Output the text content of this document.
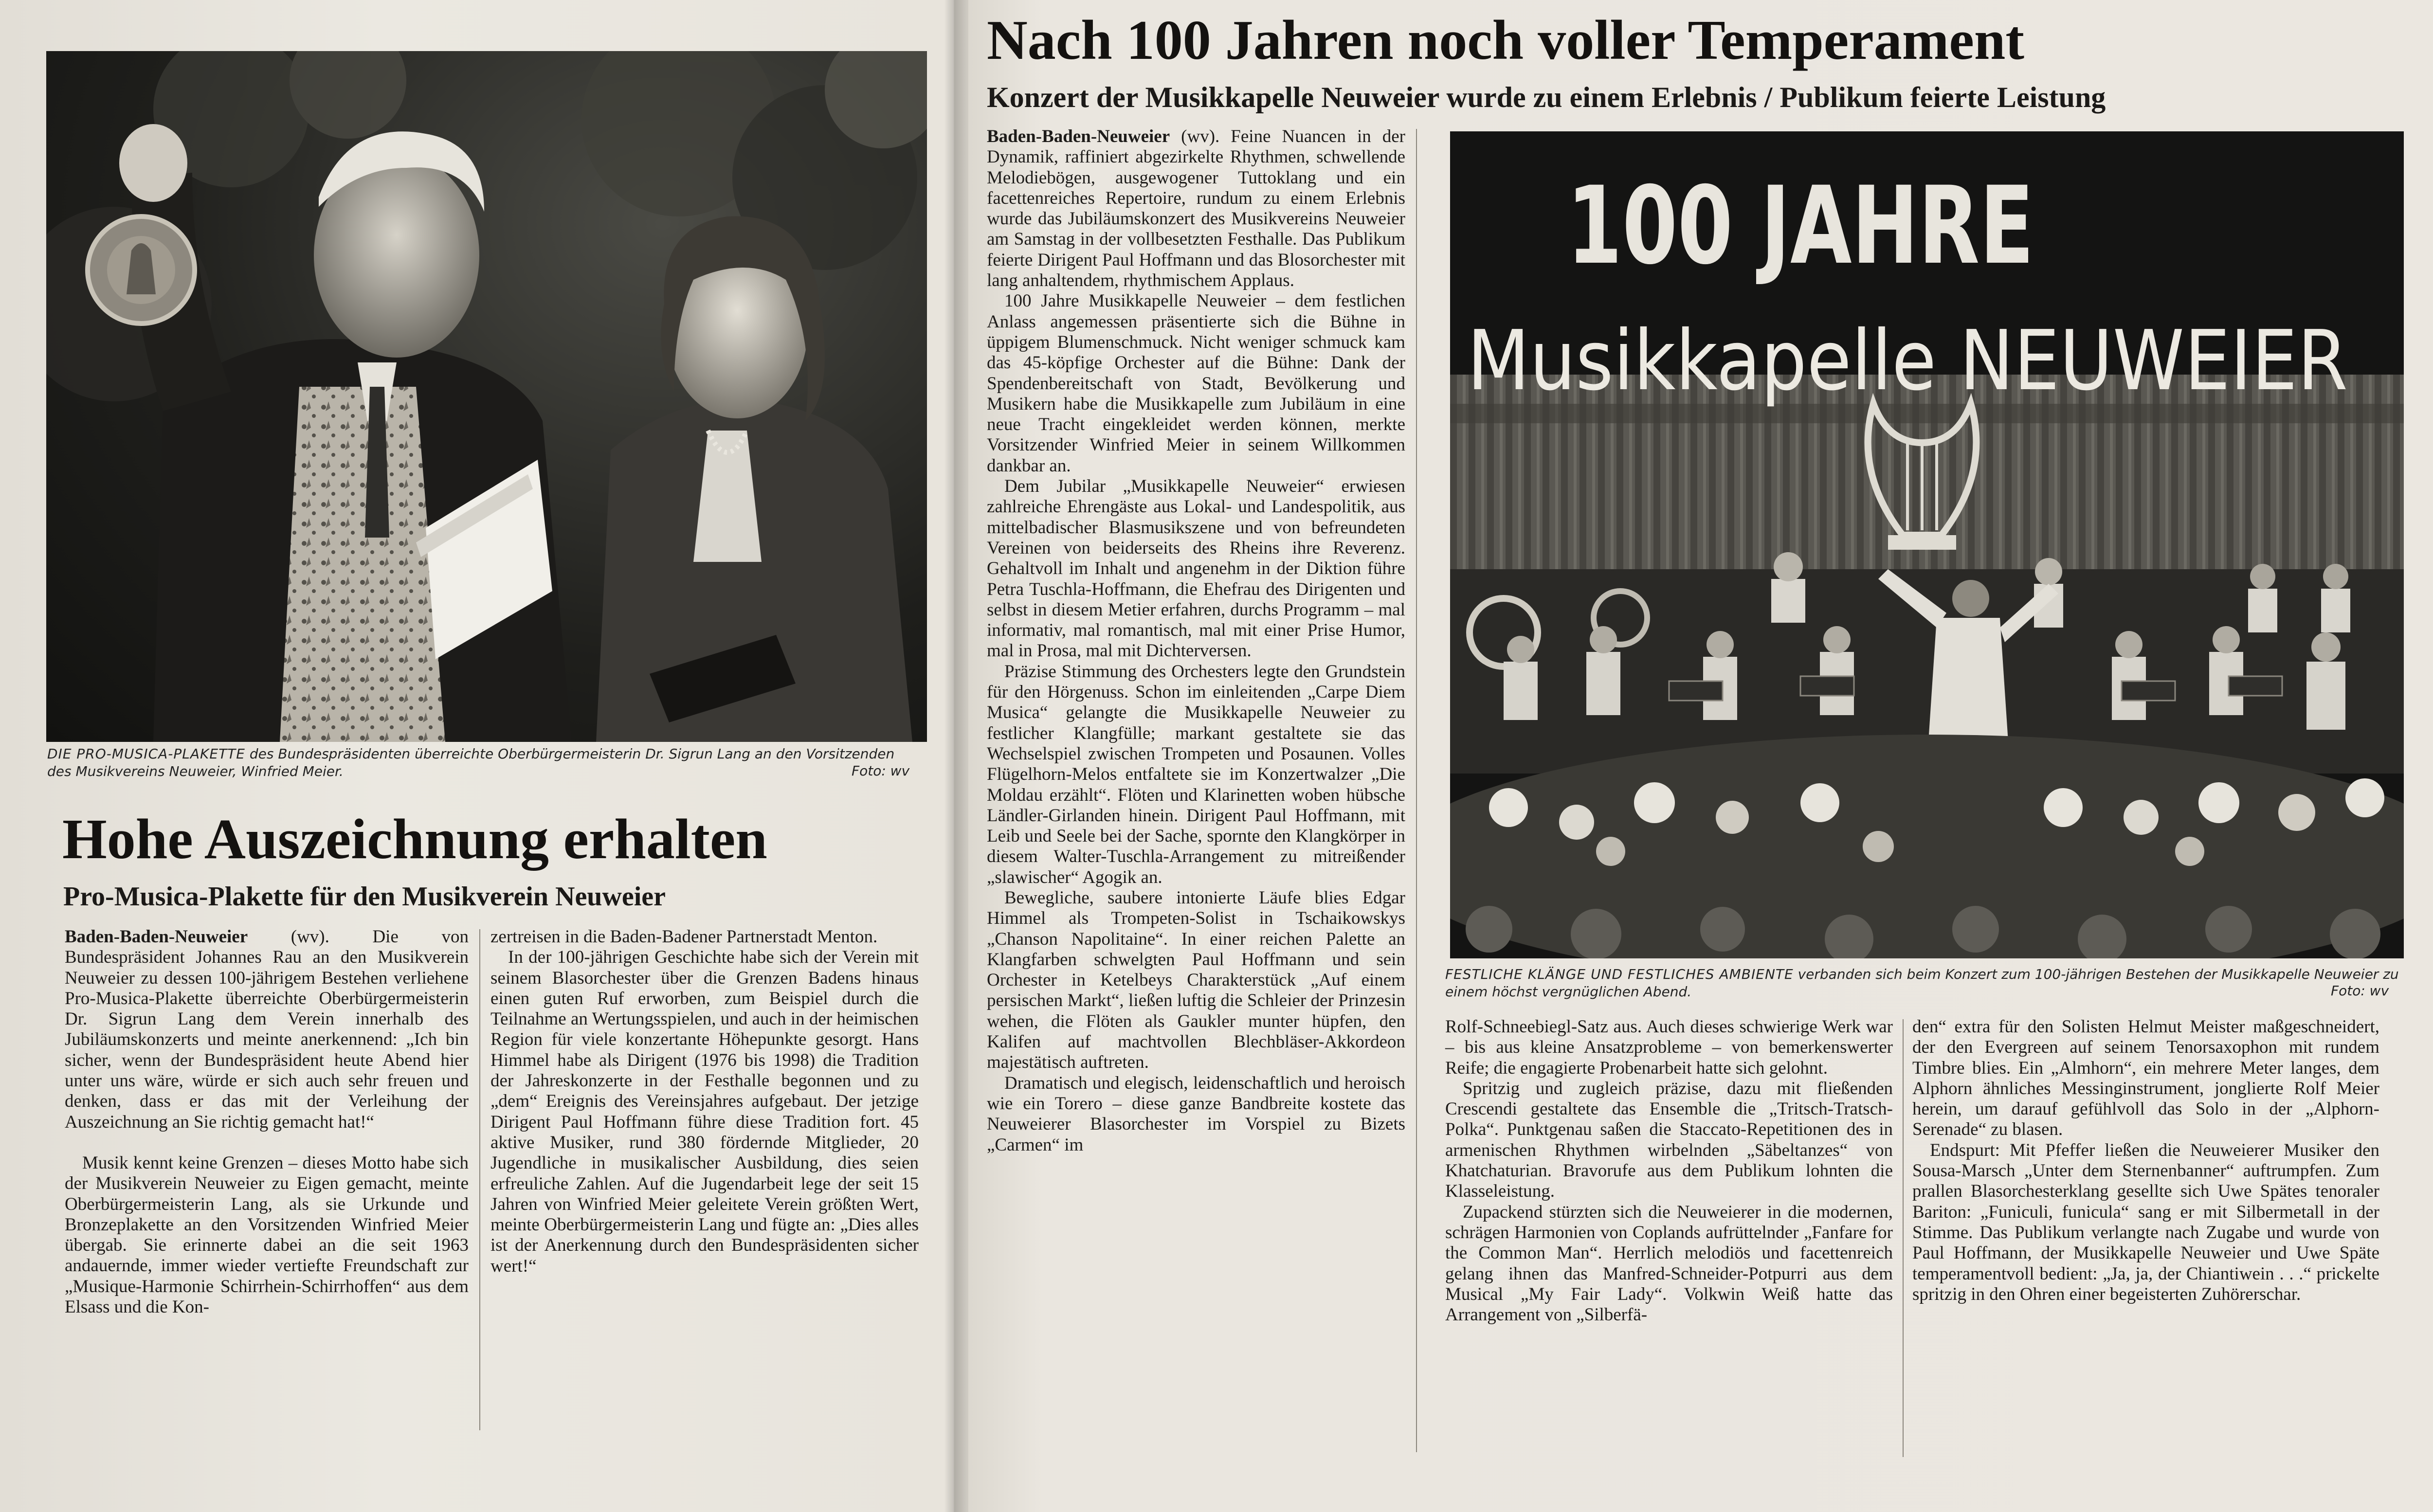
DIE PRO-MUSICA-PLAKETTE des Bundespräsidenten überreichte Oberbürgermeisterin Dr. Sigrun Lang an den Vorsitzenden des Musikvereins Neuweier, Winfried Meier.	Foto: wv
Hohe Auszeichnung erhalten
Pro-Musica-Plakette für den Musikverein Neuweier

Baden-Baden-Neuweier (wv). Die von Bundespräsident Johannes Rau an den Musikverein Neuweier zu dessen 100-jährigem Bestehen verliehene Pro-Musica-Plakette überreichte Oberbürgermeisterin Dr. Sigrun Lang dem Verein innerhalb des Jubiläumskonzerts und meinte anerkennend: „Ich bin sicher, wenn der Bundespräsident heute Abend hier unter uns wäre, würde er sich auch sehr freuen und denken, dass er das mit der Verleihung der Auszeichnung an Sie richtig gemacht hat!“

Musik kennt keine Grenzen – dieses Motto habe sich der Musikverein Neuweier zu Eigen gemacht, meinte Oberbürgermeisterin Lang, als sie Urkunde und Bronzeplakette an den Vorsitzenden Winfried Meier übergab. Sie erinnerte dabei an die seit 1963 andauernde, immer wieder vertiefte Freundschaft zur „Musique-Harmonie Schirrhein-Schirrhoffen“ aus dem Elsass und die Kon-

zertreisen in die Baden-Badener Partnerstadt Menton.

In der 100-jährigen Geschichte habe sich der Verein mit seinem Blasorchester über die Grenzen Badens hinaus einen guten Ruf erworben, zum Beispiel durch die Teilnahme an Wertungsspielen, und auch in der heimischen Region für viele konzertante Höhepunkte gesorgt. Hans Himmel habe als Dirigent (1976 bis 1998) die Tradition der Jahreskonzerte in der Festhalle begonnen und zu „dem“ Ereignis des Vereinsjahres aufgebaut. Der jetzige Dirigent Paul Hoffmann führe diese Tradition fort. 45 aktive Musiker, rund 380 fördernde Mitglieder, 20 Jugendliche in musikalischer Ausbildung, dies seien erfreuliche Zahlen. Auf die Jugendarbeit lege der seit 15 Jahren von Winfried Meier geleitete Verein größten Wert, meinte Oberbürgermeisterin Lang und fügte an: „Dies alles ist der Anerkennung durch den Bundespräsidenten sicher wert!“

Nach 100 Jahren noch voller Temperament
Konzert der Musikkapelle Neuweier wurde zu einem Erlebnis / Publikum feierte Leistung

Baden-Baden-Neuweier (wv). Feine Nuancen in der Dynamik, raffiniert abgezirkelte Rhythmen, schwellende Melodiebögen, ausgewogener Tuttoklang und ein facettenreiches Repertoire, rundum zu einem Erlebnis wurde das Jubiläumskonzert des Musikvereins Neuweier am Samstag in der vollbesetzten Festhalle. Das Publikum feierte Dirigent Paul Hoffmann und das Blosorchester mit lang anhaltendem, rhythmischem Applaus.

100 Jahre Musikkapelle Neuweier – dem festlichen Anlass angemessen präsentierte sich die Bühne in üppigem Blumenschmuck. Nicht weniger schmuck kam das 45-köpfige Orchester auf die Bühne: Dank der Spendenbereitschaft von Stadt, Bevölkerung und Musikern habe die Musikkapelle zum Jubiläum in eine neue Tracht eingekleidet werden können, merkte Vorsitzender Winfried Meier in seinem Willkommen dankbar an.

Dem Jubilar „Musikkapelle Neuweier“ erwiesen zahlreiche Ehrengäste aus Lokal- und Landespolitik, aus mittelbadischer Blasmusikszene und von befreundeten Vereinen von beiderseits des Rheins ihre Reverenz. Gehaltvoll im Inhalt und angenehm in der Diktion führe Petra Tuschla-Hoffmann, die Ehefrau des Dirigenten und selbst in diesem Metier erfahren, durchs Programm – mal informativ, mal romantisch, mal mit einer Prise Humor, mal in Prosa, mal mit Dichterversen.

Präzise Stimmung des Orchesters legte den Grundstein für den Hörgenuss. Schon im einleitenden „Carpe Diem Musica“ gelangte die Musikkapelle Neuweier zu festlicher Klangfülle; markant gestaltete sie das Wechselspiel zwischen Trompeten und Posaunen. Volles Flügelhorn-Melos entfaltete sie im Konzertwalzer „Die Moldau erzählt“. Flöten und Klarinetten woben hübsche Ländler-Girlanden hinein. Dirigent Paul Hoffmann, mit Leib und Seele bei der Sache, spornte den Klangkörper in diesem Walter-Tuschla-Arrangement zu mitreißender „slawischer“ Agogik an.

Bewegliche, saubere intonierte Läufe blies Edgar Himmel als Trompeten-Solist in Tschaikowskys „Chanson Napolitaine“. In einer reichen Palette an Klangfarben schwelgten Paul Hoffmann und sein Orchester in Ketelbeys Charakterstück „Auf einem persischen Markt“, ließen luftig die Schleier der Prinzesin wehen, die Flöten als Gaukler munter hüpfen, den Kalifen auf machtvollen Blechbläser-Akkordeon majestätisch auftreten.

Dramatisch und elegisch, leidenschaftlich und heroisch wie ein Torero – diese ganze Bandbreite kostete das Neuweierer Blasorchester im Vorspiel zu Bizets „Carmen“ im

100 JAHRE
Musikkapelle NEUWEIER
FESTLICHE KLÄNGE UND FESTLICHES AMBIENTE verbanden sich beim Konzert zum 100-jährigen Bestehen der Musikkapelle Neuweier zu einem höchst vergnüglichen Abend.	Foto: wv

Rolf-Schneebiegl-Satz aus. Auch dieses schwierige Werk war – bis aus kleine Ansatzprobleme – von bemerkenswerter Reife; die engagierte Probenarbeit hatte sich gelohnt.

Spritzig und zugleich präzise, dazu mit fließenden Crescendi gestaltete das Ensemble die „Tritsch-Tratsch-Polka“. Punktgenau saßen die Staccato-Repetitionen des in armenischen Rhythmen wirbelnden „Säbeltanzes“ von Khatchaturian. Bravorufe aus dem Publikum lohnten die Klasseleistung.

Zupackend stürzten sich die Neuweierer in die modernen, schrägen Harmonien von Coplands aufrüttelnder „Fanfare for the Common Man“. Herrlich melodiös und facettenreich gelang ihnen das Manfred-Schneider-Potpurri aus dem Musical „My Fair Lady“. Volkwin Weiß hatte das Arrangement von „Silberfä-

den“ extra für den Solisten Helmut Meister maßgeschneidert, der den Evergreen auf seinem Tenorsaxophon mit rundem Timbre blies. Ein „Almhorn“, ein mehrere Meter langes, dem Alphorn ähnliches Messinginstrument, jonglierte Rolf Meier herein, um darauf gefühlvoll das Solo in der „Alphorn-Serenade“ zu blasen.

Endspurt: Mit Pfeffer ließen die Neuweierer Musiker den Sousa-Marsch „Unter dem Sternenbanner“ auftrumpfen. Zum prallen Blasorchesterklang gesellte sich Uwe Spätes tenoraler Bariton: „Funiculi, funicula“ sang er mit Silbermetall in der Stimme. Das Publikum verlangte nach Zugabe und wurde von Paul Hoffmann, der Musikkapelle Neuweier und Uwe Späte temperamentvoll bedient: „Ja, ja, der Chiantiwein . . .“ prickelte spritzig in den Ohren einer begeisterten Zuhörerschar.
